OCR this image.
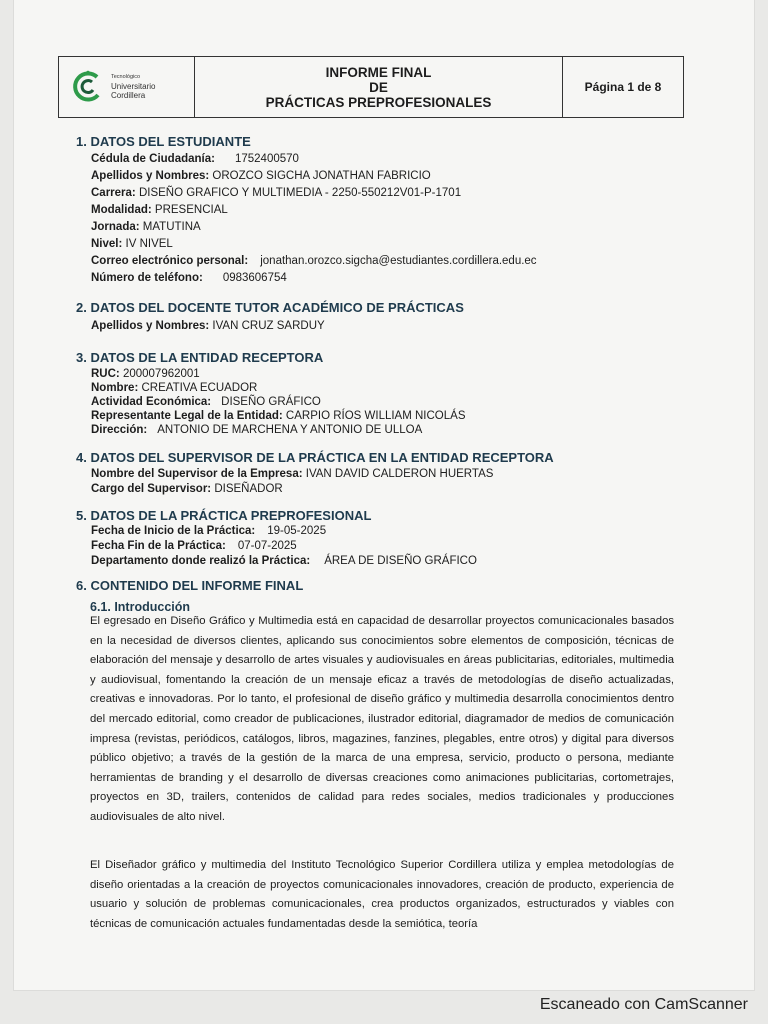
Tecnológico
Universitario
Cordillera
INFORME FINAL
DE
PRÁCTICAS PREPROFESIONALES
Página 1 de 8
1. DATOS DEL ESTUDIANTE
Cédula de Ciudadanía: 1752400570
Apellidos y Nombres: OROZCO SIGCHA JONATHAN FABRICIO
Carrera: DISEÑO GRAFICO Y MULTIMEDIA - 2250-550212V01-P-1701
Modalidad: PRESENCIAL
Jornada: MATUTINA
Nivel: IV NIVEL
Correo electrónico personal: jonathan.orozco.sigcha@estudiantes.cordillera.edu.ec
Número de teléfono: 0983606754
2. DATOS DEL DOCENTE TUTOR ACADÉMICO DE PRÁCTICAS
Apellidos y Nombres: IVAN CRUZ SARDUY
3. DATOS DE LA ENTIDAD RECEPTORA
RUC: 200007962001
Nombre: CREATIVA ECUADOR
Actividad Económica: DISEÑO GRÁFICO
Representante Legal de la Entidad: CARPIO RÍOS WILLIAM NICOLÁS
Dirección: ANTONIO DE MARCHENA Y ANTONIO DE ULLOA
4. DATOS DEL SUPERVISOR DE LA PRÁCTICA EN LA ENTIDAD RECEPTORA
Nombre del Supervisor de la Empresa: IVAN DAVID CALDERON HUERTAS
Cargo del Supervisor: DISEÑADOR
5. DATOS DE LA PRÁCTICA PREPROFESIONAL
Fecha de Inicio de la Práctica: 19-05-2025
Fecha Fin de la Práctica: 07-07-2025
Departamento donde realizó la Práctica: ÁREA DE DISEÑO GRÁFICO
6. CONTENIDO DEL INFORME FINAL
6.1. Introducción
El egresado en Diseño Gráfico y Multimedia está en capacidad de desarrollar proyectos comunicacionales basados en la necesidad de diversos clientes, aplicando sus conocimientos sobre elementos de composición, técnicas de elaboración del mensaje y desarrollo de artes visuales y audiovisuales en áreas publicitarias, editoriales, multimedia y audiovisual, fomentando la creación de un mensaje eficaz a través de metodologías de diseño actualizadas, creativas e innovadoras. Por lo tanto, el profesional de diseño gráfico y multimedia desarrolla conocimientos dentro del mercado editorial, como creador de publicaciones, ilustrador editorial, diagramador de medios de comunicación impresa (revistas, periódicos, catálogos, libros, magazines, fanzines, plegables, entre otros) y digital para diversos público objetivo; a través de la gestión de la marca de una empresa, servicio, producto o persona, mediante herramientas de branding y el desarrollo de diversas creaciones como animaciones publicitarias, cortometrajes, proyectos en 3D, trailers, contenidos de calidad para redes sociales, medios tradicionales y producciones audiovisuales de alto nivel.
El Diseñador gráfico y multimedia del Instituto Tecnológico Superior Cordillera utiliza y emplea metodologías de diseño orientadas a la creación de proyectos comunicacionales innovadores, creación de producto, experiencia de usuario y solución de problemas comunicacionales, crea productos organizados, estructurados y viables con técnicas de comunicación actuales fundamentadas desde la semiótica, teoría
Escaneado con CamScanner
